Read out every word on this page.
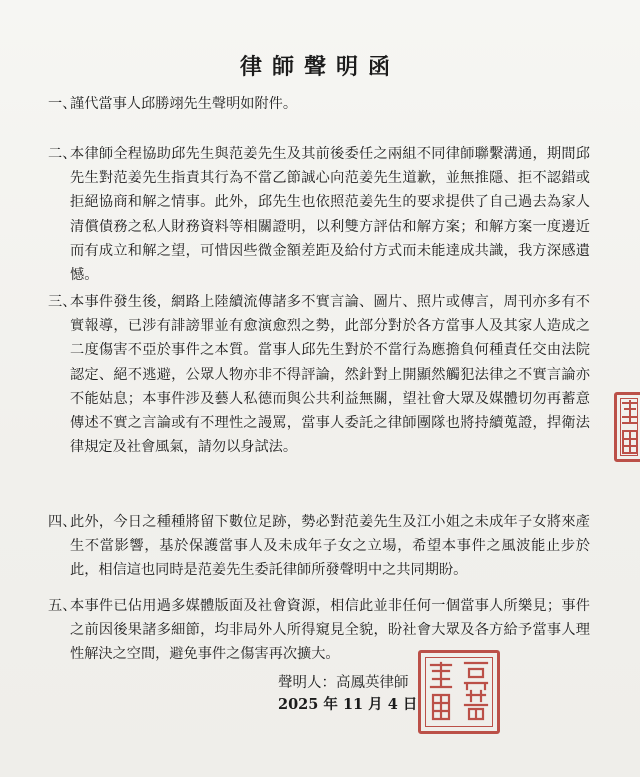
律師聲明函
一、
謹代當事人邱勝翊先生聲明如附件。
二、
本律師全程協助邱先生與范姜先生及其前後委任之兩組不同律師聯繫溝通，期間邱先生對范姜先生指責其行為不當乙節誠心向范姜先生道歉，並無推隱、拒不認錯或拒絕協商和解之情事。此外，邱先生也依照范姜先生的要求提供了自己過去為家人清償債務之私人財務資料等相關證明，以利雙方評估和解方案；和解方案一度邊近而有成立和解之望，可惜因些微金額差距及給付方式而未能達成共識，我方深感遺憾。
三、
本事件發生後，網路上陸續流傳諸多不實言論、圖片、照片或傳言，周刊亦多有不實報導，已涉有誹謗罪並有愈演愈烈之勢，此部分對於各方當事人及其家人造成之二度傷害不亞於事件之本質。當事人邱先生對於不當行為應擔負何種責任交由法院認定、絕不逃避，公眾人物亦非不得評論，然針對上開顯然觸犯法律之不實言論亦不能姑息；本事件涉及藝人私德而與公共利益無關，望社會大眾及媒體切勿再蓄意傳述不實之言論或有不理性之謾罵，當事人委託之律師團隊也將持續蒐證，捍衛法律規定及社會風氣，請勿以身試法。
四、
此外，今日之種種將留下數位足跡，勢必對范姜先生及江小姐之未成年子女將來產生不當影響，基於保護當事人及未成年子女之立場，希望本事件之風波能止步於此，相信這也同時是范姜先生委託律師所發聲明中之共同期盼。
五、
本事件已佔用過多媒體版面及社會資源，相信此並非任何一個當事人所樂見；事件之前因後果諸多細節，均非局外人所得窺見全貌，盼社會大眾及各方給予當事人理性解決之空間，避免事件之傷害再次擴大。
聲明人：高鳳英律師
2025 年 11 月 4 日
